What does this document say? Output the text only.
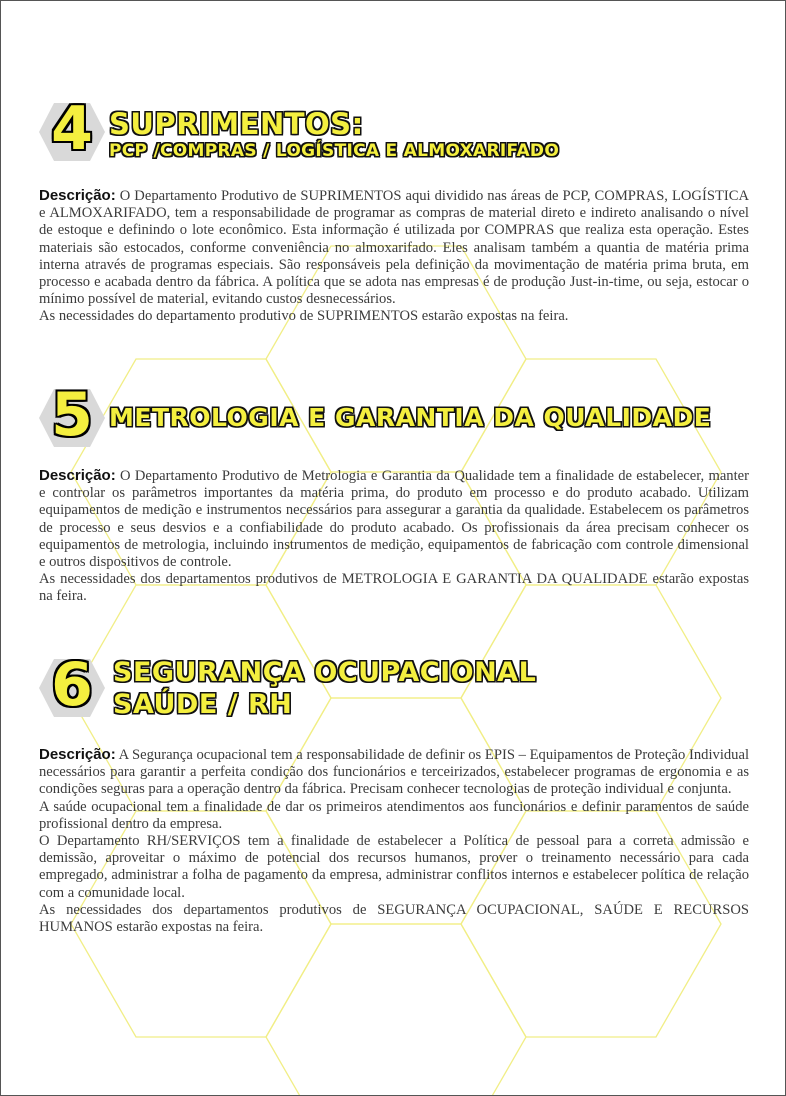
4 SUPRIMENTOS:
PCP /COMPRAS / LOGÍSTICA E ALMOXARIFADO

Descrição: O Departamento Produtivo de SUPRIMENTOS aqui dividido nas áreas de PCP, COMPRAS, LOGÍSTICA e ALMOXARIFADO, tem a responsabilidade de programar as compras de material direto e indireto analisando o nível de estoque e definindo o lote econômico. Esta informação é utilizada por COMPRAS que realiza esta operação. Estes materiais são estocados, conforme conveniência no almoxarifado. Eles analisam também a quantia de matéria prima interna através de programas especiais. São responsáveis pela definição da movimentação de matéria prima bruta, em processo e acabada dentro da fábrica. A política que se adota nas empresas é de produção Just-in-time, ou seja, estocar o mínimo possível de material, evitando custos desnecessários.

As necessidades do departamento produtivo de SUPRIMENTOS estarão expostas na feira.

5 METROLOGIA E GARANTIA DA QUALIDADE

Descrição: O Departamento Produtivo de Metrologia e Garantia da Qualidade tem a finalidade de estabelecer, manter e controlar os parâmetros importantes da matéria prima, do produto em processo e do produto acabado. Utilizam equipamentos de medição e instrumentos necessários para assegurar a garantia da qualidade. Estabelecem os parâmetros de processo e seus desvios e a confiabilidade do produto acabado. Os profissionais da área precisam conhecer os equipamentos de metrologia, incluindo instrumentos de medição, equipamentos de fabricação com controle dimensional e outros dispositivos de controle.

As necessidades dos departamentos produtivos de METROLOGIA E GARANTIA DA QUALIDADE estarão expostas na feira.

6 SEGURANÇA OCUPACIONAL
SAÚDE / RH

Descrição: A Segurança ocupacional tem a responsabilidade de definir os EPIS – Equipamentos de Proteção Individual necessários para garantir a perfeita condição dos funcionários e terceirizados, estabelecer programas de ergonomia e as condições seguras para a operação dentro da fábrica. Precisam conhecer tecnologias de proteção individual e conjunta.

A saúde ocupacional tem a finalidade de dar os primeiros atendimentos aos funcionários e definir paramentos de saúde profissional dentro da empresa.

O Departamento RH/SERVIÇOS tem a finalidade de estabelecer a Política de pessoal para a correta admissão e demissão, aproveitar o máximo de potencial dos recursos humanos, prover o treinamento necessário para cada empregado, administrar a folha de pagamento da empresa, administrar conflitos internos e estabelecer política de relação com a comunidade local.

As necessidades dos departamentos produtivos de SEGURANÇA OCUPACIONAL, SAÚDE E RECURSOS HUMANOS estarão expostas na feira.
